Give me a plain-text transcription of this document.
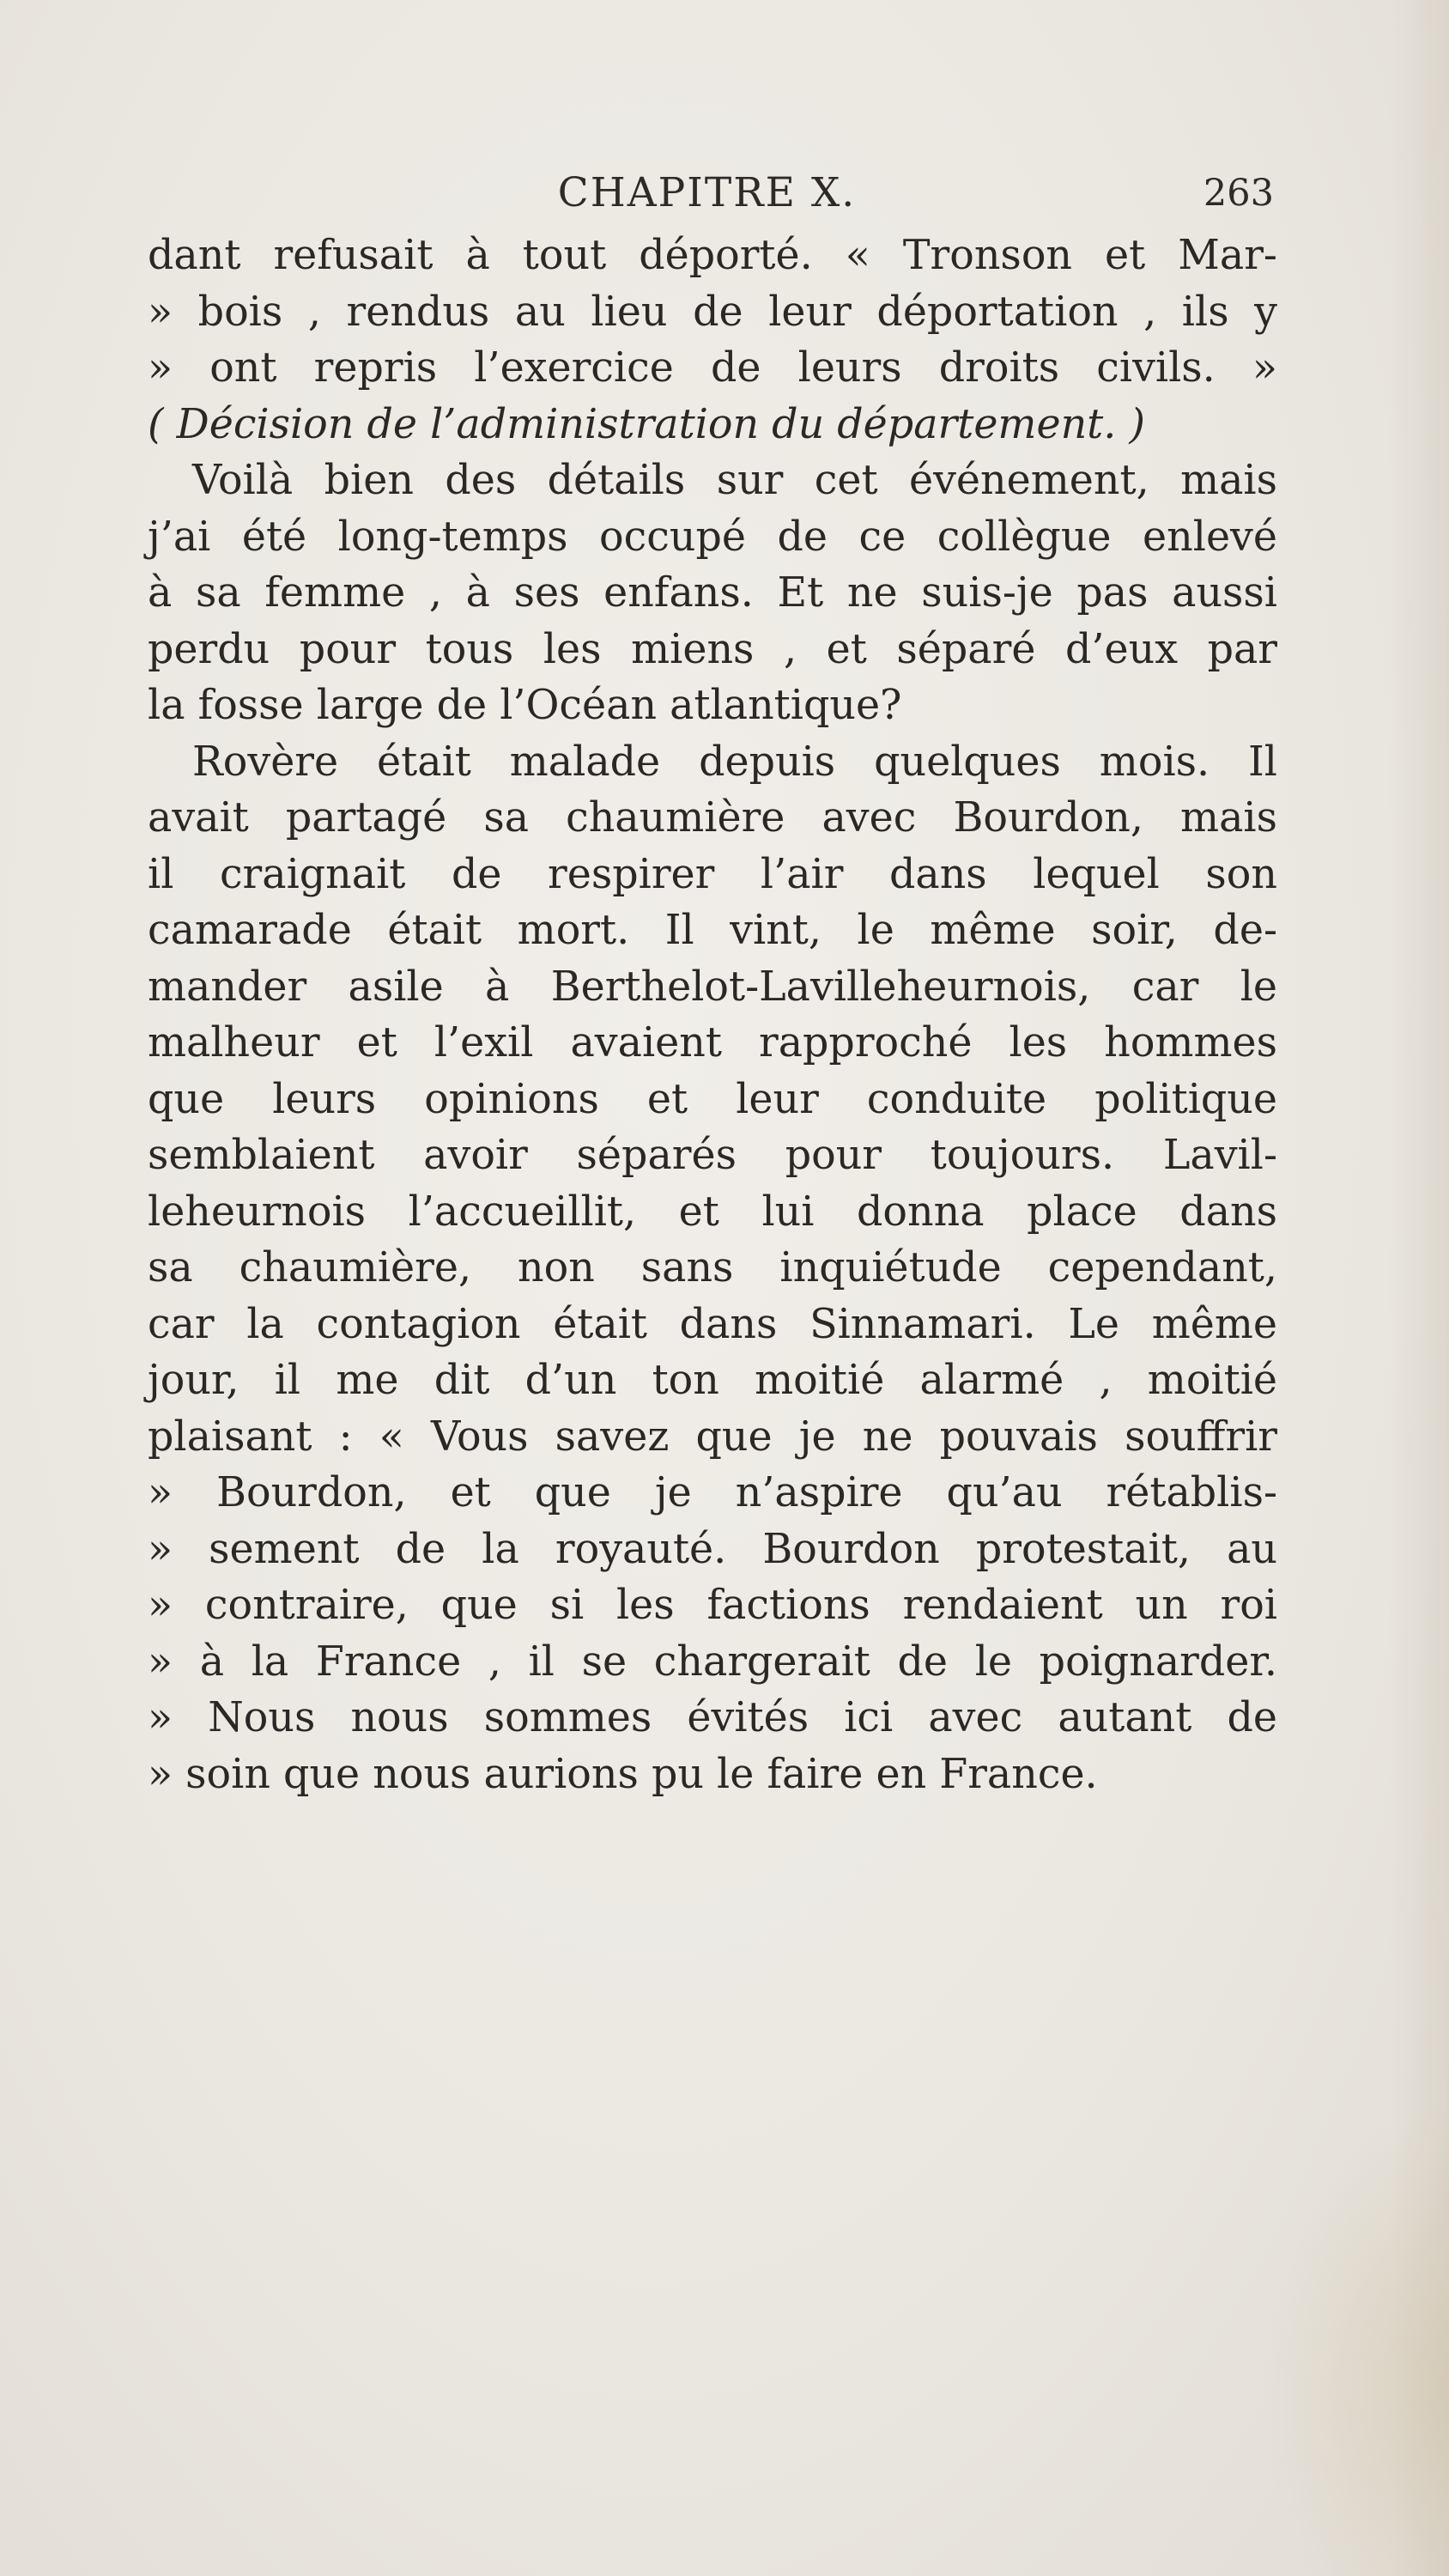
CHAPITRE X.	263
dant refusait à tout déporté. « Tronson et Mar-
» bois , rendus au lieu de leur déportation , ils y
» ont repris l’exercice de leurs droits civils. »
( Décision de l’administration du département. )
Voilà bien des détails sur cet événement, mais
j’ai été long-temps occupé de ce collègue enlevé
à sa femme , à ses enfans. Et ne suis-je pas aussi
perdu pour tous les miens , et séparé d’eux par
la fosse large de l’Océan atlantique?
Rovère était malade depuis quelques mois. Il
avait partagé sa chaumière avec Bourdon, mais
il craignait de respirer l’air dans lequel son
camarade était mort. Il vint, le même soir, de-
mander asile à Berthelot-Lavilleheurnois, car le
malheur et l’exil avaient rapproché les hommes
que leurs opinions et leur conduite politique
semblaient avoir séparés pour toujours. Lavil-
leheurnois l’accueillit, et lui donna place dans
sa chaumière, non sans inquiétude cependant,
car la contagion était dans Sinnamari. Le même
jour, il me dit d’un ton moitié alarmé , moitié
plaisant : « Vous savez que je ne pouvais souffrir
» Bourdon, et que je n’aspire qu’au rétablis-
» sement de la royauté. Bourdon protestait, au
» contraire, que si les factions rendaient un roi
» à la France , il se chargerait de le poignarder.
» Nous nous sommes évités ici avec autant de
» soin que nous aurions pu le faire en France.
